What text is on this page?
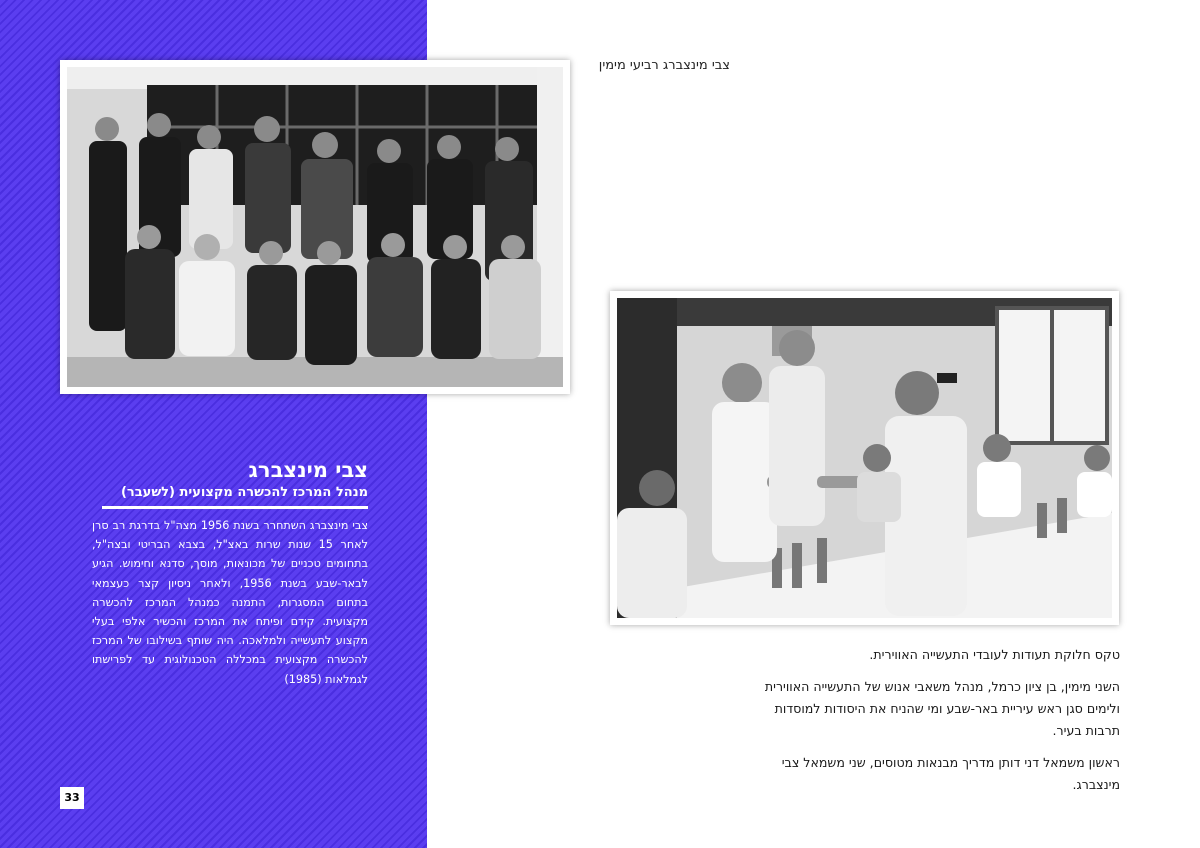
צבי מינצברג רביעי מימין
צבי מינצברג
מנהל המרכז להכשרה מקצועית (לשעבר)
צבי מינצברג השתחרר בשנת 1956 מצה"ל בדרגת רב סרן לאחר 15 שנות שרות באצ"ל, בצבא הבריטי ובצה"ל, בתחומים טכניים של מכונאות, מוסך, סדנא וחימוש. הגיע לבאר-שבע בשנת 1956, ולאחר ניסיון קצר כעצמאי בתחום המסגרות, התמנה כמנהל המרכז להכשרה מקצועית. קידם ופיתח את המרכז והכשיר אלפי בעלי מקצוע לתעשייה ולמלאכה. היה שותף בשילובו של המרכז להכשרה מקצועית במכללה הטכנולוגית עד לפרישתו לגמלאות (1985)

טקס חלוקת תעודות לעובדי התעשייה האווירית.

השני מימין, בן ציון כרמל, מנהל משאבי אנוש של התעשייה האווירית ולימים סגן ראש עיריית באר-שבע ומי שהניח את היסודות למוסדות תרבות בעיר.

ראשון משמאל דני דותן מדריך מבנאות מטוסים, שני משמאל צבי מינצברג.

33
